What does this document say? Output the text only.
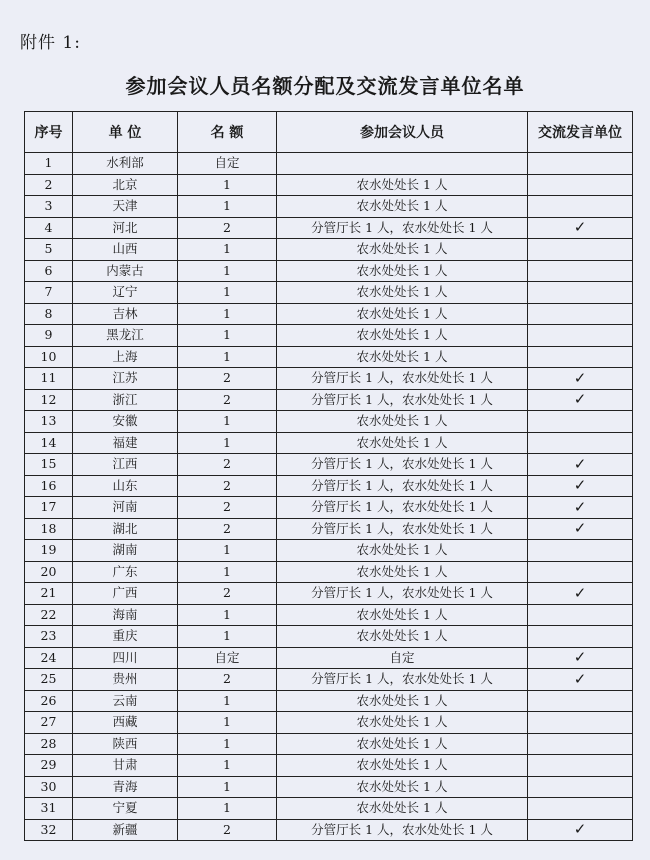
附件 1:
参加会议人员名额分配及交流发言单位名单
序号	单 位	名 额	参加会议人员	交流发言单位
1	水利部	自定		
2	北京	1	农水处处长 1 人	
3	天津	1	农水处处长 1 人	
4	河北	2	分管厅长 1 人，农水处处长 1 人	✓
5	山西	1	农水处处长 1 人	
6	内蒙古	1	农水处处长 1 人	
7	辽宁	1	农水处处长 1 人	
8	吉林	1	农水处处长 1 人	
9	黑龙江	1	农水处处长 1 人	
10	上海	1	农水处处长 1 人	
11	江苏	2	分管厅长 1 人，农水处处长 1 人	✓
12	浙江	2	分管厅长 1 人，农水处处长 1 人	✓
13	安徽	1	农水处处长 1 人	
14	福建	1	农水处处长 1 人	
15	江西	2	分管厅长 1 人，农水处处长 1 人	✓
16	山东	2	分管厅长 1 人，农水处处长 1 人	✓
17	河南	2	分管厅长 1 人，农水处处长 1 人	✓
18	湖北	2	分管厅长 1 人，农水处处长 1 人	✓
19	湖南	1	农水处处长 1 人	
20	广东	1	农水处处长 1 人	
21	广西	2	分管厅长 1 人，农水处处长 1 人	✓
22	海南	1	农水处处长 1 人	
23	重庆	1	农水处处长 1 人	
24	四川	自定	自定	✓
25	贵州	2	分管厅长 1 人，农水处处长 1 人	✓
26	云南	1	农水处处长 1 人	
27	西藏	1	农水处处长 1 人	
28	陕西	1	农水处处长 1 人	
29	甘肃	1	农水处处长 1 人	
30	青海	1	农水处处长 1 人	
31	宁夏	1	农水处处长 1 人	
32	新疆	2	分管厅长 1 人，农水处处长 1 人	✓
